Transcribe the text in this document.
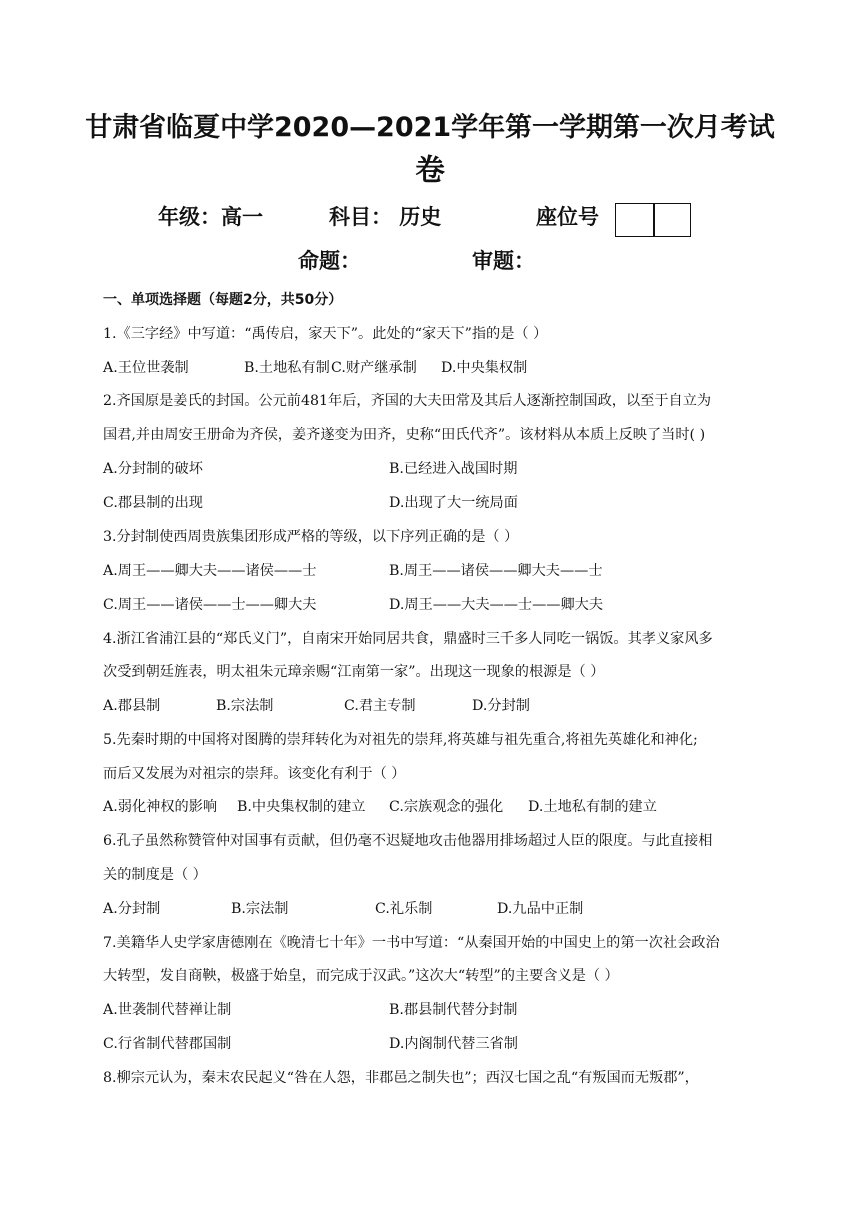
甘肃省临夏中学2020—2021学年第一学期第一次月考试
卷
年级：高一	科目： 历史	座位号
命题：	审题：
一、单项选择题（每题2分，共50分）
1.《三字经》中写道：“禹传启，家天下”。此处的“家天下”指的是（ ）
A.王位世袭制	B.土地私有制 C.财产继承制 D.中央集权制
2.齐国原是姜氏的封国。公元前481年后，齐国的大夫田常及其后人逐渐控制国政，以至于自立为
国君,并由周安王册命为齐侯，姜齐遂变为田齐，史称“田氏代齐”。该材料从本质上反映了当时( )
A.分封制的破坏	B.已经进入战国时期
C.郡县制的出现	D.出现了大一统局面
3.分封制使西周贵族集团形成严格的等级，以下序列正确的是（ ）
A.周王——卿大夫——诸侯——士	B.周王——诸侯——卿大夫——士
C.周王——诸侯——士——卿大夫	D.周王——大夫——士——卿大夫
4.浙江省浦江县的“郑氏义门”，自南宋开始同居共食，鼎盛时三千多人同吃一锅饭。其孝义家风多
次受到朝廷旌表，明太祖朱元璋亲赐“江南第一家”。出现这一现象的根源是（ ）
A.郡县制	B.宗法制	C.君主专制	D.分封制
5.先秦时期的中国将对图腾的崇拜转化为对祖先的崇拜,将英雄与祖先重合,将祖先英雄化和神化;
而后又发展为对祖宗的崇拜。该变化有利于（ ）
A.弱化神权的影响 B.中央集权制的建立 C.宗族观念的强化 D.土地私有制的建立
6.孔子虽然称赞管仲对国事有贡献，但仍毫不迟疑地攻击他器用排场超过人臣的限度。与此直接相
关的制度是（ ）
A.分封制	B.宗法制	C.礼乐制	D.九品中正制
7.美籍华人史学家唐德刚在《晚清七十年》一书中写道：“从秦国开始的中国史上的第一次社会政治
大转型，发自商鞅，极盛于始皇，而完成于汉武。”这次大“转型”的主要含义是（ ）
A.世袭制代替禅让制	B.郡县制代替分封制
C.行省制代替郡国制	D.内阁制代替三省制
8.柳宗元认为，秦末农民起义“咎在人怨，非郡邑之制失也”；西汉七国之乱“有叛国而无叛郡”，
